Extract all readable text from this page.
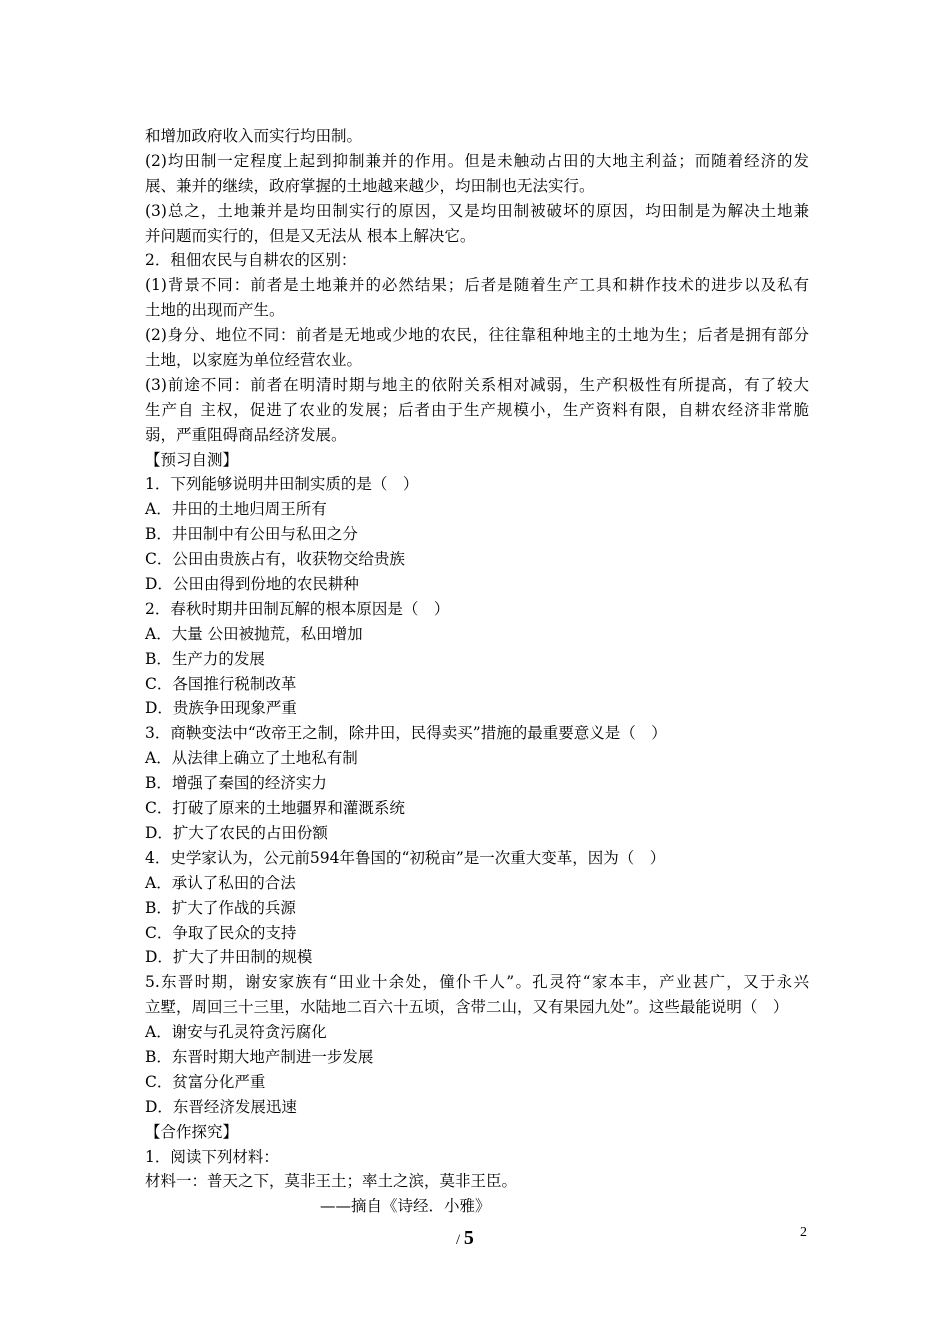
和增加政府收入而实行均田制。
(2)均田制一定程度上起到抑制兼并的作用。但是未触动占田的大地主利益；而随着经济的发
展、兼并的继续，政府掌握的土地越来越少，均田制也无法实行。
(3)总之，土地兼并是均田制实行的原因，又是均田制被破坏的原因，均田制是为解决土地兼
并问题而实行的，但是又无法从 根本上解决它。
2．租佃农民与自耕农的区别：
(1)背景不同：前者是土地兼并的必然结果；后者是随着生产工具和耕作技术的进步以及私有
土地的出现而产生。
(2)身分、地位不同：前者是无地或少地的农民，往往靠租种地主的土地为生；后者是拥有部分
土地，以家庭为单位经营农业。
(3)前途不同：前者在明清时期与地主的依附关系相对减弱，生产积极性有所提高，有了较大
生产自 主权，促进了农业的发展；后者由于生产规模小，生产资料有限，自耕农经济非常脆
弱，严重阻碍商品经济发展。
【预习自测】
1．下列能够说明井田制实质的是（　）
A．井田的土地归周王所有
B．井田制中有公田与私田之分
C．公田由贵族占有，收获物交给贵族
D．公田由得到份地的农民耕种
2．春秋时期井田制瓦解的根本原因是（　）
A．大量 公田被抛荒，私田增加
B．生产力的发展
C．各国推行税制改革
D．贵族争田现象严重
3．商鞅变法中“改帝王之制，除井田，民得卖买”措施的最重要意义是（　）
A．从法律上确立了土地私有制
B．增强了秦国的经济实力
C．打破了原来的土地疆界和灌溉系统
D．扩大了农民的占田份额
4．史学家认为，公元前594年鲁国的“初税亩”是一次重大变革，因为（　）
A．承认了私田的合法
B．扩大了作战的兵源
C．争取了民众的支持
D．扩大了井田制的规模
5.东晋时期，谢安家族有“田业十余处，僮仆千人”。孔灵符“家本丰，产业甚广，又于永兴
立墅，周回三十三里，水陆地二百六十五顷，含带二山，又有果园九处”。这些最能说明（　）
A．谢安与孔灵符贪污腐化
B．东晋时期大地产制进一步发展
C．贫富分化严重
D．东晋经济发展迅速
【合作探究】
1．阅读下列材料：
材料一：普天之下，莫非王土；率土之滨，莫非王臣。
——摘自《诗经．小雅》
/ 5	2
